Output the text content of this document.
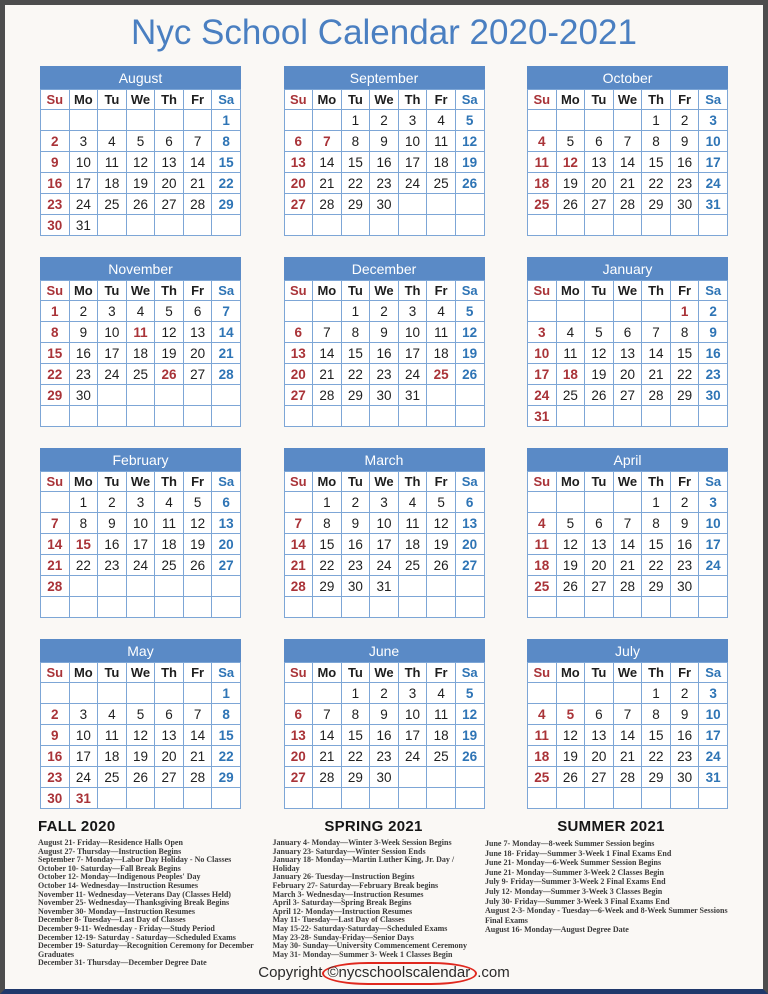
Nyc School Calendar 2020-2021
August
Su	Mo	Tu	We	Th	Fr	Sa
						1
2	3	4	5	6	7	8
9	10	11	12	13	14	15
16	17	18	19	20	21	22
23	24	25	26	27	28	29
30	31					
September
Su	Mo	Tu	We	Th	Fr	Sa
		1	2	3	4	5
6	7	8	9	10	11	12
13	14	15	16	17	18	19
20	21	22	23	24	25	26
27	28	29	30			

October
Su	Mo	Tu	We	Th	Fr	Sa
				1	2	3
4	5	6	7	8	9	10
11	12	13	14	15	16	17
18	19	20	21	22	23	24
25	26	27	28	29	30	31

November
Su	Mo	Tu	We	Th	Fr	Sa
1	2	3	4	5	6	7
8	9	10	11	12	13	14
15	16	17	18	19	20	21
22	23	24	25	26	27	28
29	30					

December
Su	Mo	Tu	We	Th	Fr	Sa
		1	2	3	4	5
6	7	8	9	10	11	12
13	14	15	16	17	18	19
20	21	22	23	24	25	26
27	28	29	30	31		

January
Su	Mo	Tu	We	Th	Fr	Sa
					1	2
3	4	5	6	7	8	9
10	11	12	13	14	15	16
17	18	19	20	21	22	23
24	25	26	27	28	29	30
31						
February
Su	Mo	Tu	We	Th	Fr	Sa
	1	2	3	4	5	6
7	8	9	10	11	12	13
14	15	16	17	18	19	20
21	22	23	24	25	26	27
28						

March
Su	Mo	Tu	We	Th	Fr	Sa
	1	2	3	4	5	6
7	8	9	10	11	12	13
14	15	16	17	18	19	20
21	22	23	24	25	26	27
28	29	30	31			

April
Su	Mo	Tu	We	Th	Fr	Sa
				1	2	3
4	5	6	7	8	9	10
11	12	13	14	15	16	17
18	19	20	21	22	23	24
25	26	27	28	29	30	

May
Su	Mo	Tu	We	Th	Fr	Sa
						1
2	3	4	5	6	7	8
9	10	11	12	13	14	15
16	17	18	19	20	21	22
23	24	25	26	27	28	29
30	31					
June
Su	Mo	Tu	We	Th	Fr	Sa
		1	2	3	4	5
6	7	8	9	10	11	12
13	14	15	16	17	18	19
20	21	22	23	24	25	26
27	28	29	30			

July
Su	Mo	Tu	We	Th	Fr	Sa
				1	2	3
4	5	6	7	8	9	10
11	12	13	14	15	16	17
18	19	20	21	22	23	24
25	26	27	28	29	30	31

FALL 2020
August 21- Friday—Residence Halls Open
August 27- Thursday—Instruction Begins
September 7- Monday—Labor Day Holiday - No Classes
October 10- Saturday—Fall Break Begins
October 12- Monday—Indigenous Peoples' Day
October 14- Wednesday—Instruction Resumes
November 11- Wednesday—Veterans Day (Classes Held)
November 25- Wednesday—Thanksgiving Break Begins
November 30- Monday—Instruction Resumes
December 8- Tuesday—Last Day of Classes
December 9-11- Wednesday - Friday—Study Period
December 12-19- Saturday - Saturday—Scheduled Exams
December 19- Saturday—Recognition Ceremony for December Graduates
December 31- Thursday—December Degree Date
SPRING 2021
January 4- Monday—Winter 3-Week Session Begins
January 23- Saturday—Winter Session Ends
January 18- Monday—Martin Luther King, Jr. Day / Holiday
January 26- Tuesday—Instruction Begins
February 27- Saturday—February Break begins
March 3- Wednesday—Instruction Resumes
April 3- Saturday—Spring Break Begins
April 12- Monday—Instruction Resumes
May 11- Tuesday—Last Day of Classes
May 15-22- Saturday-Saturday—Scheduled Exams
May 23-28- Sunday-Friday—Senior Days
May 30- Sunday—University Commencement Ceremony
May 31- Monday—Summer 3- Week 1 Classes Begin
SUMMER 2021
June 7- Monday—8-week Summer Session begins
June 18- Friday—Summer 3-Week 1 Final Exams End
June 21- Monday—6-Week Summer Session Begins
June 21- Monday—Summer 3-Week 2 Classes Begin
July 9- Friday—Summer 3-Week 2 Final Exams End
July 12- Monday—Summer 3-Week 3 Classes Begin
July 30- Friday—Summer 3-Week 3 Final Exams End
August 2-3- Monday - Tuesday—6-Week and 8-Week Summer Sessions Final Exams
August 16- Monday—August Degree Date
Copyright ©nycschoolscalendar .com
